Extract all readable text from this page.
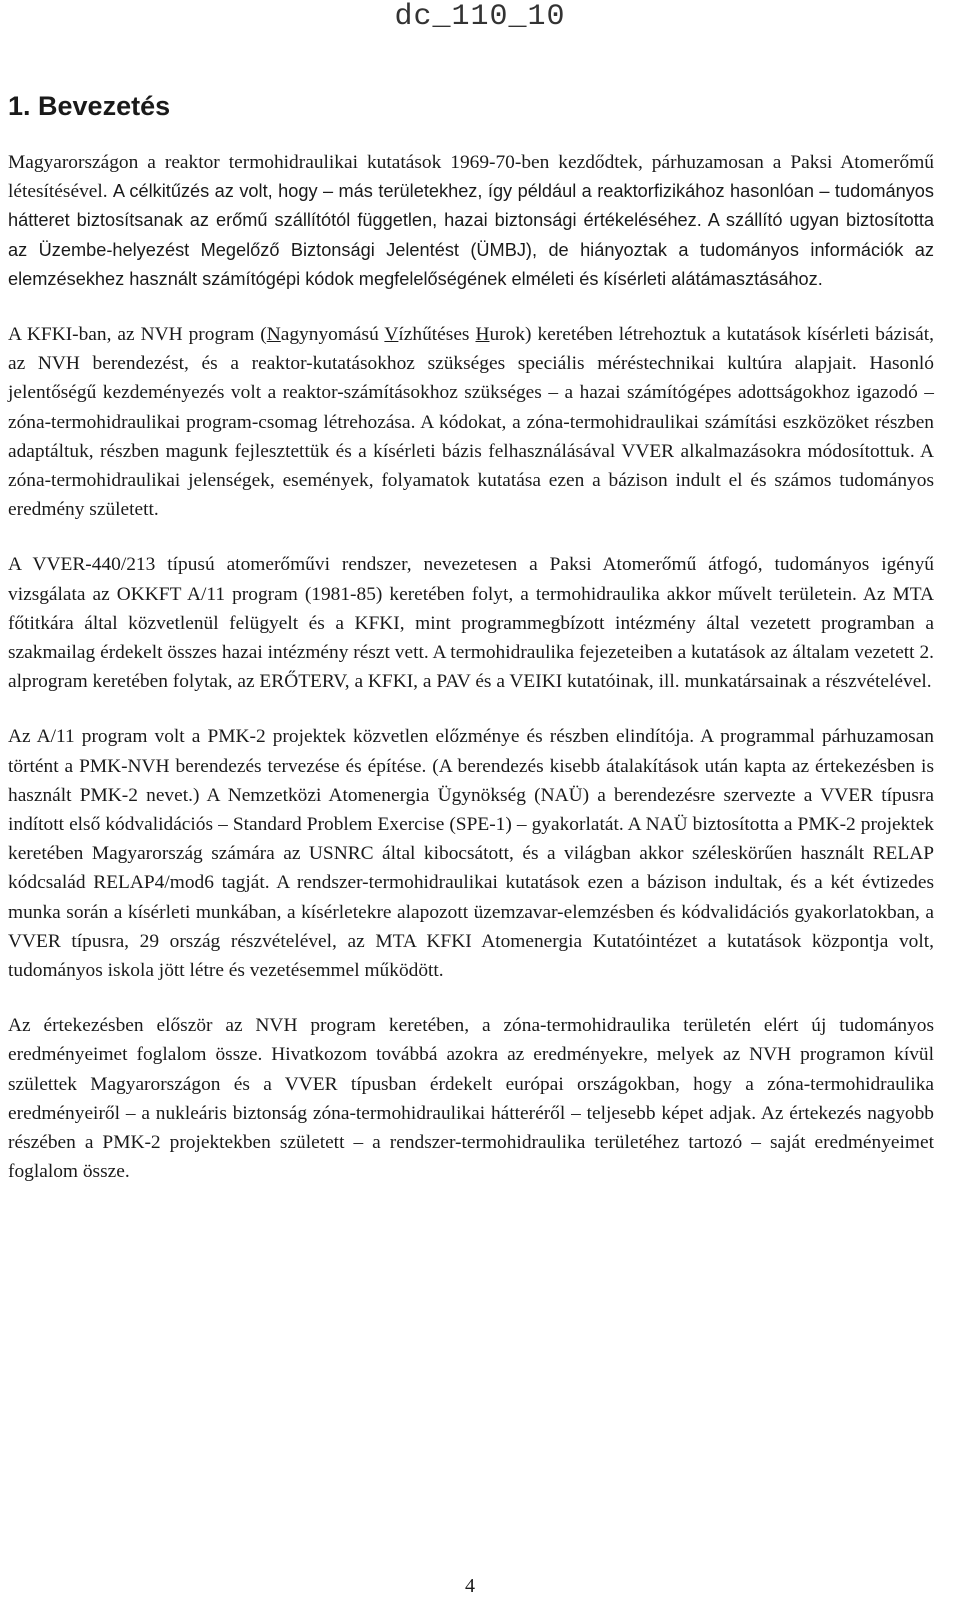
dc_110_10
1. Bevezetés

Magyarországon a reaktor termohidraulikai kutatások 1969-70-ben kezdődtek, párhuzamosan a Paksi Atomerőmű létesítésével. A célkitűzés az volt, hogy – más területekhez, így például a reaktorfizikához hasonlóan – tudományos hátteret biztosítsanak az erőmű szállítótól független, hazai biztonsági értékeléséhez. A szállító ugyan biztosította az Üzembe-helyezést Megelőző Biztonsági Jelentést (ÜMBJ), de hiányoztak a tudományos információk az elemzésekhez használt számítógépi kódok megfelelőségének elméleti és kísérleti alátámasztásához.

A KFKI-ban, az NVH program (Nagynyomású Vízhűtéses Hurok) keretében létrehoztuk a kutatások kísérleti bázisát, az NVH berendezést, és a reaktor-kutatásokhoz szükséges speciális méréstechnikai kultúra alapjait. Hasonló jelentőségű kezdeményezés volt a reaktor-számításokhoz szükséges – a hazai számítógépes adottságokhoz igazodó – zóna-termohidraulikai program-csomag létrehozása. A kódokat, a zóna-termohidraulikai számítási eszközöket részben adaptáltuk, részben magunk fejlesztettük és a kísérleti bázis felhasználásával VVER alkalmazásokra módosítottuk. A zóna-termohidraulikai jelenségek, események, folyamatok kutatása ezen a bázison indult el és számos tudományos eredmény született.

A VVER-440/213 típusú atomerőművi rendszer, nevezetesen a Paksi Atomerőmű átfogó, tudományos igényű vizsgálata az OKKFT A/11 program (1981-85) keretében folyt, a termohidraulika akkor művelt területein. Az MTA főtitkára által közvetlenül felügyelt és a KFKI, mint programmegbízott intézmény által vezetett programban a szakmailag érdekelt összes hazai intézmény részt vett. A termohidraulika fejezeteiben a kutatások az általam vezetett 2. alprogram keretében folytak, az ERŐTERV, a KFKI, a PAV és a VEIKI kutatóinak, ill. munkatársainak a részvételével.

Az A/11 program volt a PMK-2 projektek közvetlen előzménye és részben elindítója. A programmal párhuzamosan történt a PMK-NVH berendezés tervezése és építése. (A berendezés kisebb átalakítások után kapta az értekezésben is használt PMK-2 nevet.) A Nemzetközi Atomenergia Ügynökség (NAÜ) a berendezésre szervezte a VVER típusra indított első kódvalidációs – Standard Problem Exercise (SPE-1) – gyakorlatát. A NAÜ biztosította a PMK-2 projektek keretében Magyarország számára az USNRC által kibocsátott, és a világban akkor széleskörűen használt RELAP kódcsalád RELAP4/mod6 tagját. A rendszer-termohidraulikai kutatások ezen a bázison indultak, és a két évtizedes munka során a kísérleti munkában, a kísérletekre alapozott üzemzavar-elemzésben és kódvalidációs gyakorlatokban, a VVER típusra, 29 ország részvételével, az MTA KFKI Atomenergia Kutatóintézet a kutatások központja volt, tudományos iskola jött létre és vezetésemmel működött.

Az értekezésben először az NVH program keretében, a zóna-termohidraulika területén elért új tudományos eredményeimet foglalom össze. Hivatkozom továbbá azokra az eredményekre, melyek az NVH programon kívül születtek Magyarországon és a VVER típusban érdekelt európai országokban, hogy a zóna-termohidraulika eredményeiről – a nukleáris biztonság zóna-termohidraulikai hátteréről – teljesebb képet adjak. Az értekezés nagyobb részében a PMK-2 projektekben született – a rendszer-termohidraulika területéhez tartozó – saját eredményeimet foglalom össze.

4
